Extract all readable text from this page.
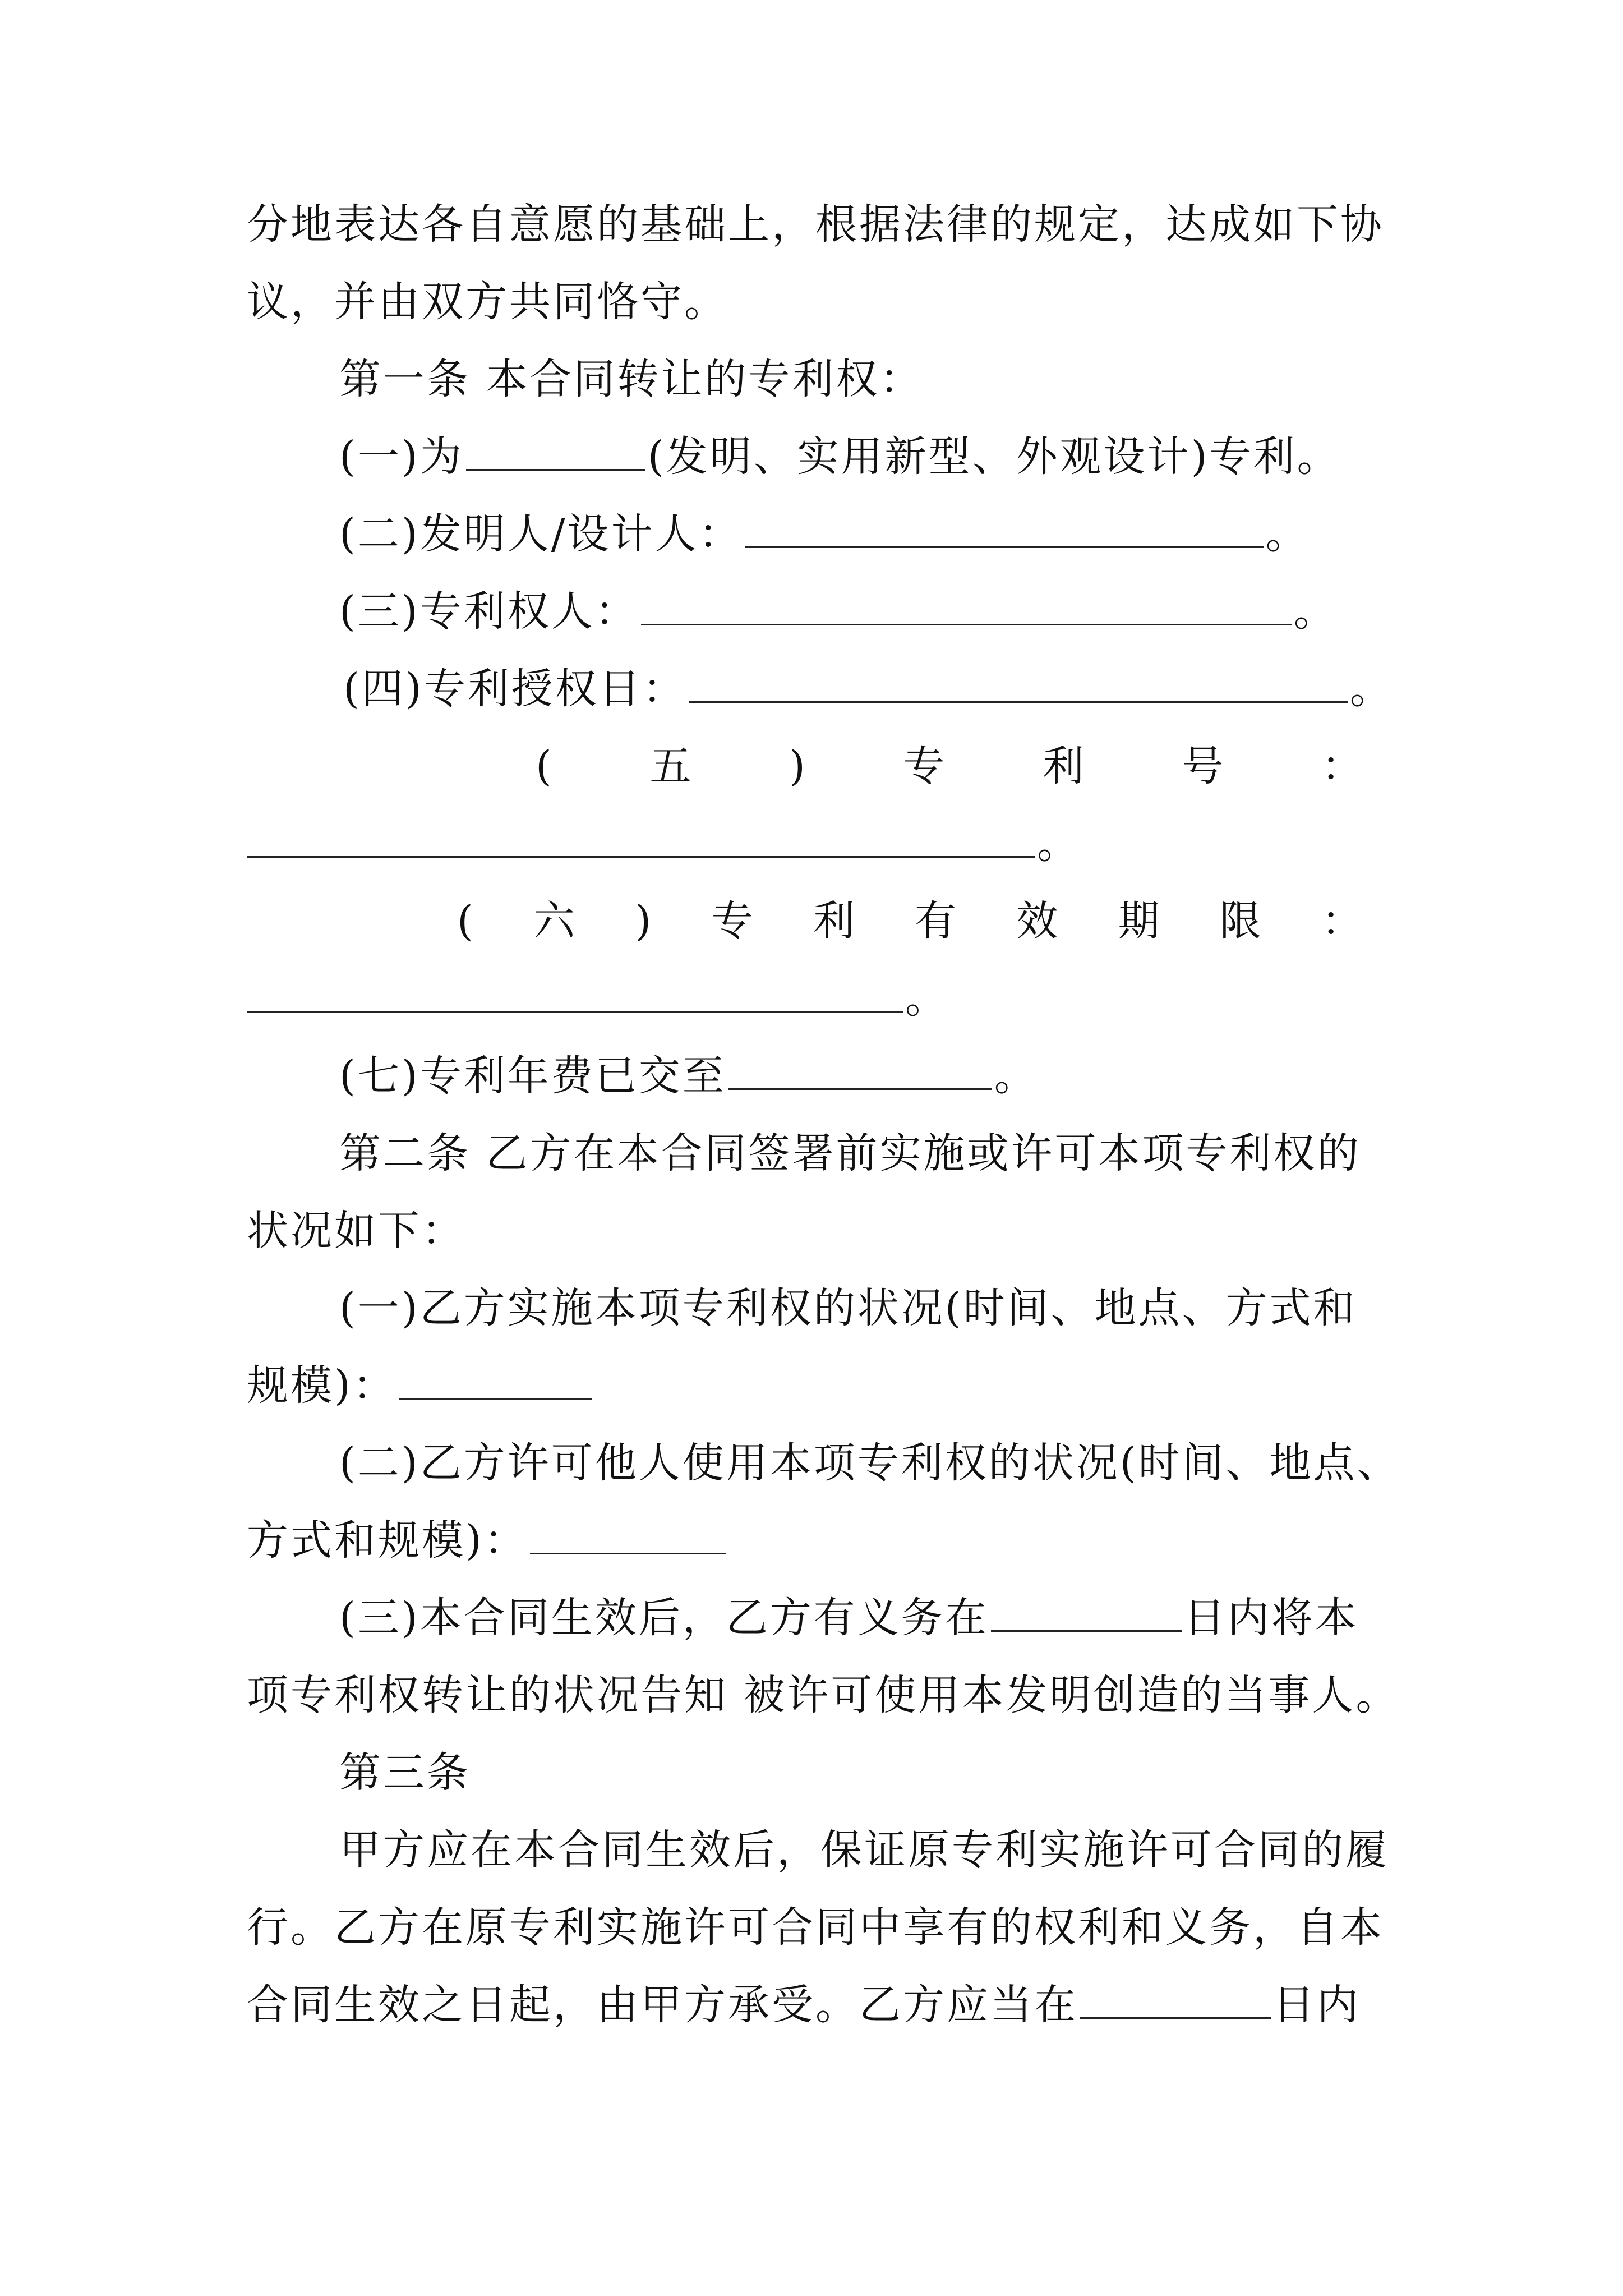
分地表达各自意愿的基础上，根据法律的规定，达成如下协
议，并由双方共同恪守。
第一条 本合同转让的专利权：
(一)为	(发明、实用新型、外观设计)专利。
(二)发明人/设计人：	。
(三)专利权人：	。
(四)专利授权日：	。
( 五 ) 专 利 号 ：
。
( 六 ) 专 利 有 效 期 限 ：
。
(七)专利年费已交至	。
第二条 乙方在本合同签署前实施或许可本项专利权的
状况如下：
(一)乙方实施本项专利权的状况(时间、地点、方式和
规模)：
(二)乙方许可他人使用本项专利权的状况(时间、地点、
方式和规模)：
(三)本合同生效后，乙方有义务在	日内将本
项专利权转让的状况告知 被许可使用本发明创造的当事人。
第三条
甲方应在本合同生效后，保证原专利实施许可合同的履
行。乙方在原专利实施许可合同中享有的权利和义务，自本
合同生效之日起，由甲方承受。乙方应当在	日内
